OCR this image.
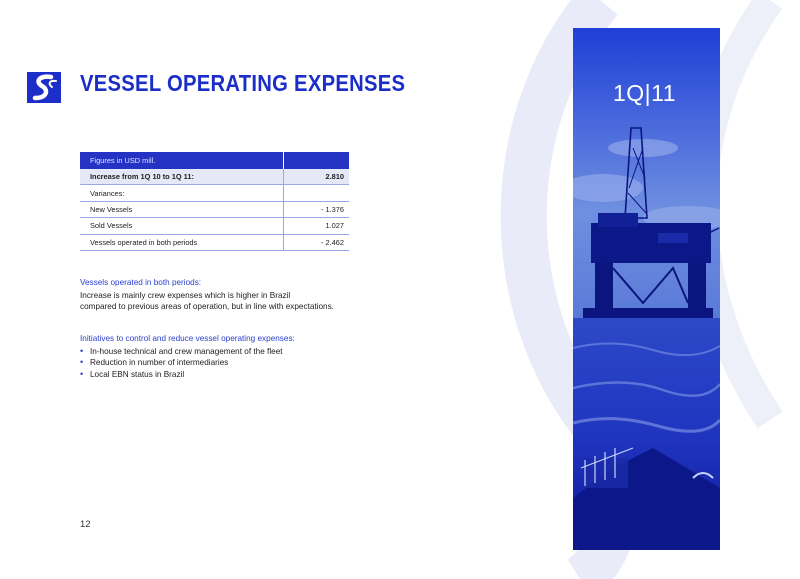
VESSEL OPERATING EXPENSES
Figures in USD mill.	
Increase from 1Q 10 to 1Q 11:	2.810
Variances:	
New Vessels	- 1.376
Sold Vessels	1.027
Vessels operated in both periods	- 2.462

Vessels operated in both periods:

Increase is mainly crew expenses which is higher in Brazil
compared to previous areas of operation, but in line with expectations.

Initiatives to control and reduce vessel operating expenses:

• In-house technical and crew management of the fleet
• Reduction in number of intermediaries
• Local EBN status in Brazil
12
1Q|11
